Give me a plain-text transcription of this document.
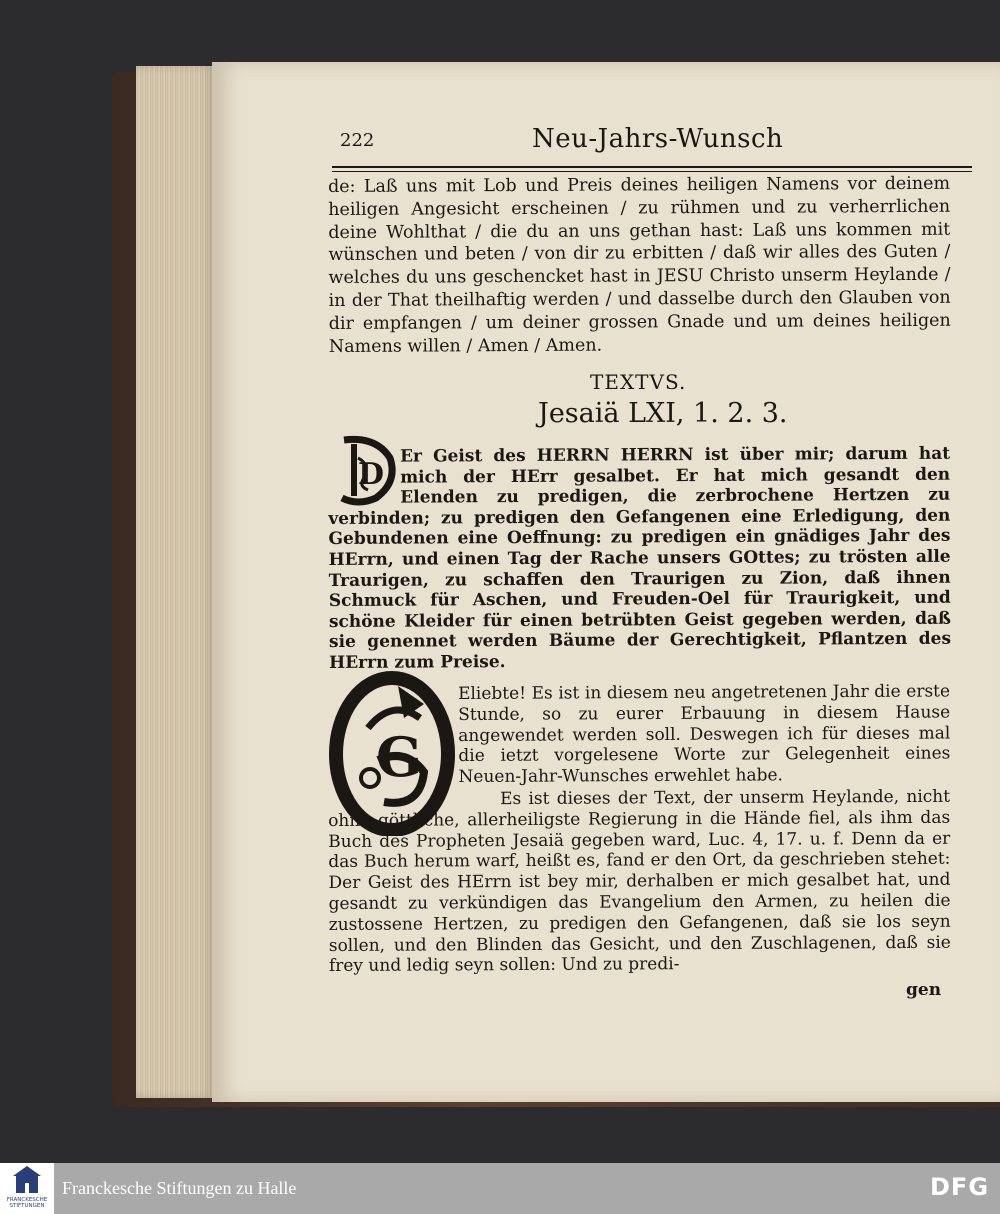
222	Neu-Jahrs-Wunsch
de: Laß uns mit Lob und Preis deines heiligen Namens vor deinem heiligen Angesicht erscheinen / zu rühmen und zu verherrlichen deine Wohlthat / die du an uns gethan hast: Laß uns kommen mit wünschen und beten / von dir zu erbitten / daß wir alles des Guten / welches du uns geschencket hast in JESU Christo unserm Heylande / in der That theilhaftig werden / und dasselbe durch den Glauben von dir empfangen / um deiner grossen Gnade und um deines heiligen Namens willen / Amen / Amen.
TEXTVS.
Jesaiä LXI, 1. 2. 3.
D
Er Geist des HERRN HERRN ist über mir; darum hat mich der HErr gesalbet. Er hat mich gesandt den Elenden zu predigen, die zerbrochene Hertzen zu verbinden; zu predigen den Gefangenen eine Erledigung, den Gebundenen eine Oeffnung: zu predigen ein gnädiges Jahr des HErrn, und einen Tag der Rache unsers GOttes; zu trösten alle Traurigen, zu schaffen den Traurigen zu Zion, daß ihnen Schmuck für Aschen, und Freuden-Oel für Traurigkeit, und schöne Kleider für einen betrübten Geist gegeben werden, daß sie genennet werden Bäume der Gerechtigkeit, Pflantzen des HErrn zum Preise.
G
Eliebte! Es ist in diesem neu angetretenen Jahr die erste Stunde, so zu eurer Erbauung in diesem Hause angewendet werden soll. Deswegen ich für dieses mal die ietzt vorgelesene Worte zur Gelegenheit eines Neuen-Jahr-Wunsches erwehlet habe.
Es ist dieses der Text, der unserm Heylande, nicht ohne göttliche, allerheiligste Regierung in die Hände fiel, als ihm das Buch des Propheten Jesaiä gegeben ward, Luc. 4, 17. u. f. Denn da er das Buch herum warf, heißt es, fand er den Ort, da geschrieben stehet: Der Geist des HErrn ist bey mir, derhalben er mich gesalbet hat, und gesandt zu verkündigen das Evangelium den Armen, zu heilen die zustossene Hertzen, zu predigen den Gefangenen, daß sie los seyn sollen, und den Blinden das Gesicht, und den Zuschlagenen, daß sie frey und ledig seyn sollen: Und zu predi-
gen
FRANCKESCHE STIFTUNGEN
Franckesche Stiftungen zu Halle	DFG
